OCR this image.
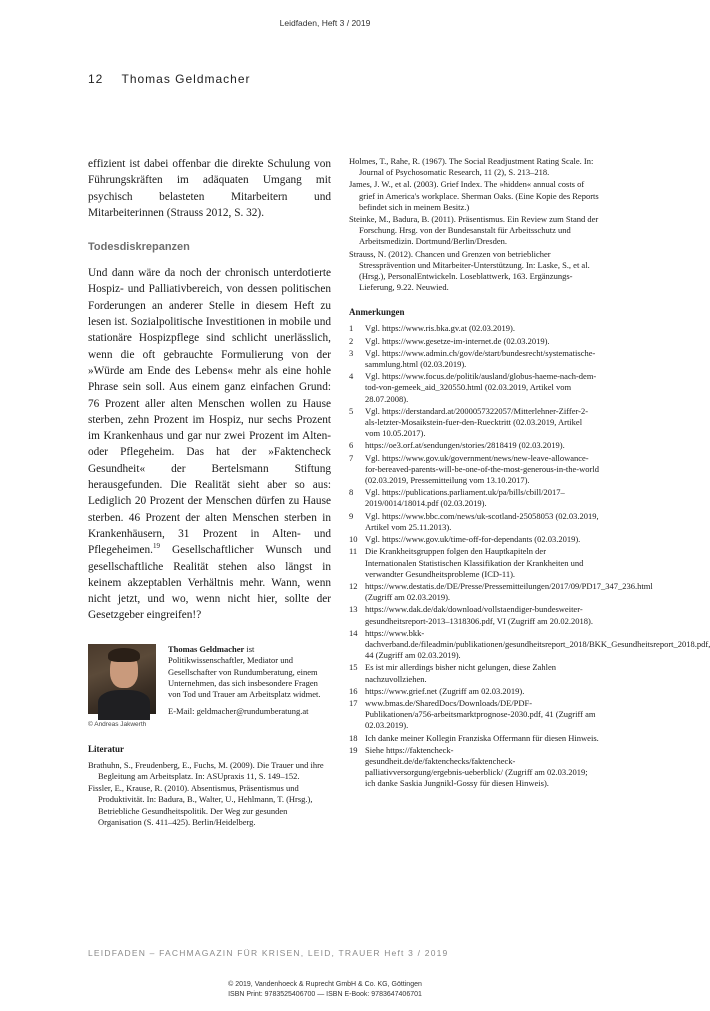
Leidfaden, Heft 3 / 2019
12 Thomas Geldmacher

effizient ist dabei offenbar die direkte Schulung von Führungskräften im adäquaten Umgang mit psychisch belasteten Mitarbeitern und Mitarbeiterinnen (Strauss 2012, S. 32).

Todesdiskrepanzen

Und dann wäre da noch der chronisch unterdotierte Hospiz- und Palliativbereich, von dessen politischen Forderungen an anderer Stelle in diesem Heft zu lesen ist. Sozialpolitische Investitionen in mobile und stationäre Hospizpflege sind schlicht unerlässlich, wenn die oft gebrauchte Formulierung von der »Würde am Ende des Lebens« mehr als eine hohle Phrase sein soll. Aus einem ganz einfachen Grund: 76 Prozent aller alten Menschen wollen zu Hause sterben, zehn Prozent im Hospiz, nur sechs Prozent im Krankenhaus und gar nur zwei Prozent im Alten- oder Pflegeheim. Das hat der »Faktencheck Gesundheit« der Bertelsmann Stiftung herausgefunden. Die Realität sieht aber so aus: Lediglich 20 Prozent der Menschen dürfen zu Hause sterben. 46 Prozent der alten Menschen sterben in Krankenhäusern, 31 Prozent in Alten- und Pflegeheimen.$^{19}$ Gesellschaftlicher Wunsch und gesellschaftliche Realität stehen also längst in keinem akzeptablen Verhältnis mehr. Wann, wenn nicht jetzt, und wo, wenn nicht hier, sollte der Gesetzgeber eingreifen!?

© Andreas Jakwerth
Thomas Geldmacher ist Politikwissenschaftler, Mediator und Gesellschafter von Rundumberatung, einem Unternehmen, das sich insbesondere Fragen von Tod und Trauer am Arbeitsplatz widmet.
E-Mail: geldmacher@rundumberatung.at
Literatur

Brathuhn, S., Freudenberg, E., Fuchs, M. (2009). Die Trauer und ihre Begleitung am Arbeitsplatz. In: ASUpraxis 11, S. 149–152.

Fissler, E., Krause, R. (2010). Absentismus, Präsentismus und Produktivität. In: Badura, B., Walter, U., Hehlmann, T. (Hrsg.), Betriebliche Gesundheitspolitik. Der Weg zur gesunden Organisation (S. 411–425). Berlin/Heidelberg.

Holmes, T., Rahe, R. (1967). The Social Readjustment Rating Scale. In: Journal of Psychosomatic Research, 11 (2), S. 213–218.

James, J. W., et al. (2003). Grief Index. The »hidden« annual costs of grief in America's workplace. Sherman Oaks. (Eine Kopie des Reports befindet sich in meinem Besitz.)

Steinke, M., Badura, B. (2011). Präsentismus. Ein Review zum Stand der Forschung. Hrsg. von der Bundesanstalt für Arbeitsschutz und Arbeitsmedizin. Dortmund/Berlin/Dresden.

Strauss, N. (2012). Chancen und Grenzen von betrieblicher Stressprävention und Mitarbeiter-Unterstützung. In: Laske, S., et al. (Hrsg.), PersonalEntwickeln. Loseblattwerk, 163. Ergänzungs-Lieferung, 9.22. Neuwied.

Anmerkungen
1	Vgl. https://www.ris.bka.gv.at (02.03.2019).
2	Vgl. https://www.gesetze-im-internet.de (02.03.2019).
3	Vgl. https://www.admin.ch/gov/de/start/bundesrecht/systematische-sammlung.html (02.03.2019).
4	Vgl. https://www.focus.de/politik/ausland/globus-haeme-nach-dem-tod-von-gemeek_aid_320550.html (02.03.2019, Artikel vom 28.07.2008).
5	Vgl. https://derstandard.at/2000057322057/Mitterlehner-Ziffer-2-als-letzter-Mosaikstein-fuer-den-Ruecktritt (02.03.2019, Artikel vom 10.05.2017).
6	https://oe3.orf.at/sendungen/stories/2818419 (02.03.2019).
7	Vgl. https://www.gov.uk/government/news/new-leave-allowance-for-bereaved-parents-will-be-one-of-the-most-generous-in-the-world (02.03.2019, Pressemitteilung vom 13.10.2017).
8	Vgl. https://publications.parliament.uk/pa/bills/cbill/2017–2019/0014/18014.pdf (02.03.2019).
9	Vgl. https://www.bbc.com/news/uk-scotland-25058053 (02.03.2019, Artikel vom 25.11.2013).
10 Vgl. https://www.gov.uk/time-off-for-dependants (02.03.2019).
11 Die Krankheitsgruppen folgen den Hauptkapiteln der Internationalen Statistischen Klassifikation der Krankheiten und verwandter Gesundheitsprobleme (ICD-11).
12 https://www.destatis.de/DE/Presse/Pressemitteilungen/2017/09/PD17_347_236.html (Zugriff am 02.03.2019).
13 https://www.dak.de/dak/download/vollstaendiger-bundesweiter-gesundheitsreport-2013–1318306.pdf, VI (Zugriff am 20.02.2018).
14 https://www.bkk-dachverband.de/fileadmin/publikationen/gesundheitsreport_2018/BKK_Gesundheitsreport_2018.pdf, 44 (Zugriff am 02.03.2019).
15 Es ist mir allerdings bisher nicht gelungen, diese Zahlen nachzuvollziehen.
16 https://www.grief.net (Zugriff am 02.03.2019).
17 www.bmas.de/SharedDocs/Downloads/DE/PDF-Publikationen/a756-arbeitsmarktprognose-2030.pdf, 41 (Zugriff am 02.03.2019).
18 Ich danke meiner Kollegin Franziska Offermann für diesen Hinweis.
19 Siehe https://faktencheck-gesundheit.de/de/faktenchecks/faktencheck-palliativversorgung/ergebnis-ueberblick/ (Zugriff am 02.03.2019; ich danke Saskia Jungnikl-Gossy für diesen Hinweis).
LEIDFADEN – FACHMAGAZIN FÜR KRISEN, LEID, TRAUER Heft 3 / 2019
© 2019, Vandenhoeck & Ruprecht GmbH & Co. KG, Göttingen
ISBN Print: 9783525406700 — ISBN E-Book: 9783647406701
